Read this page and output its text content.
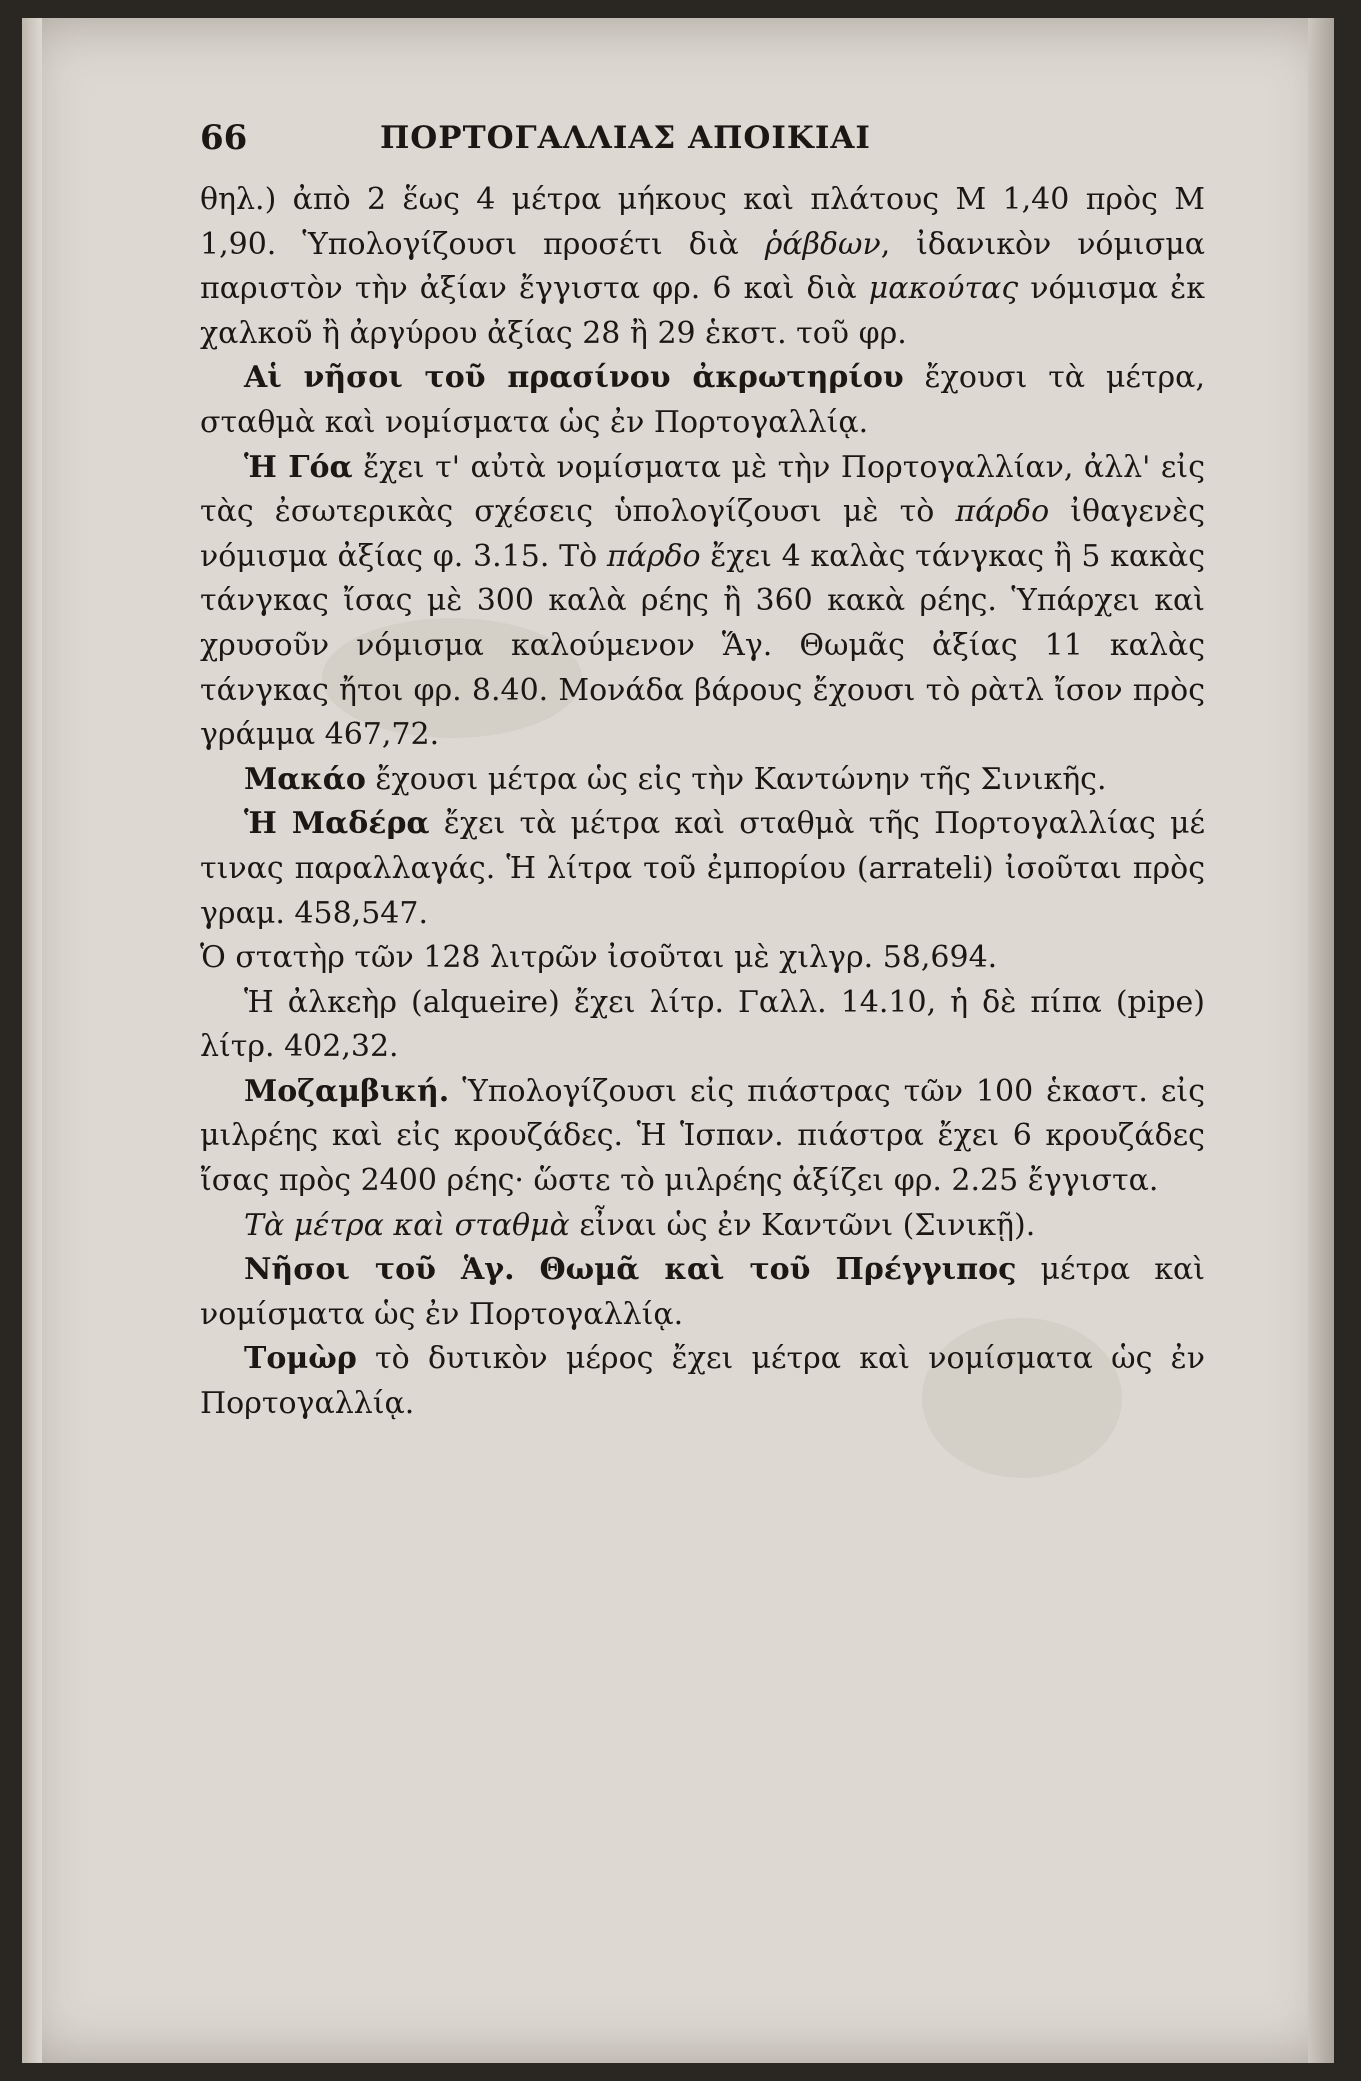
66	ΠΟΡΤΟΓΑΛΛΙΑΣ ΑΠΟΙΚΙΑΙ

θηλ.) ἀπὸ 2 ἕως 4 μέτρα μήκους καὶ πλάτους Μ 1,40 πρὸς Μ 1,90. Ὑπολογίζουσι προσέτι διὰ ῥάβδων, ἰδανικὸν νόμισμα παριστὸν τὴν ἀξίαν ἔγγιστα φρ. 6 καὶ διὰ μακούτας νόμισμα ἐκ χαλκοῦ ἢ ἀργύρου ἀξίας 28 ἢ 29 ἑκστ. τοῦ φρ.

Αἱ νῆσοι τοῦ πρασίνου ἀκρωτηρίου ἔχουσι τὰ μέτρα, σταθμὰ καὶ νομίσματα ὡς ἐν Πορτογαλλίᾳ.

Ἡ Γόα ἔχει τ' αὐτὰ νομίσματα μὲ τὴν Πορτογαλλίαν, ἀλλ' εἰς τὰς ἐσωτερικὰς σχέσεις ὑπολογίζουσι μὲ τὸ πάρδο ἰθαγενὲς νόμισμα ἀξίας φ. 3.15. Τὸ πάρδο ἔχει 4 καλὰς τάνγκας ἢ 5 κακὰς τάνγκας ἴσας μὲ 300 καλὰ ρέης ἢ 360 κακὰ ρέης. Ὑπάρχει καὶ χρυσοῦν νόμισμα καλούμενον Ἅγ. Θωμᾶς ἀξίας 11 καλὰς τάνγκας ἤτοι φρ. 8.40. Μονάδα βάρους ἔχουσι τὸ ρὰτλ ἴσον πρὸς γράμμα 467,72.

Μακάο ἔχουσι μέτρα ὡς εἰς τὴν Καντώνην τῆς Σινικῆς.

Ἡ Μαδέρα ἔχει τὰ μέτρα καὶ σταθμὰ τῆς Πορτογαλλίας μέ τινας παραλλαγάς. Ἡ λίτρα τοῦ ἐμπορίου (arrateli) ἰσοῦται πρὸς γραμ. 458,547.

Ὁ στατὴρ τῶν 128 λιτρῶν ἰσοῦται μὲ χιλγρ. 58,694.

Ἡ ἀλκεὴρ (alqueire) ἔχει λίτρ. Γαλλ. 14.10, ἡ δὲ πίπα (pipe) λίτρ. 402,32.

Μοζαμβική. Ὑπολογίζουσι εἰς πιάστρας τῶν 100 ἑκαστ. εἰς μιλρέης καὶ εἰς κρουζάδες. Ἡ Ἱσπαν. πιάστρα ἔχει 6 κρουζάδες ἴσας πρὸς 2400 ρέης· ὥστε τὸ μιλρέης ἀξίζει φρ. 2.25 ἔγγιστα.

Τὰ μέτρα καὶ σταθμὰ εἶναι ὡς ἐν Καντῶνι (Σινικῇ).

Νῆσοι τοῦ Ἁγ. Θωμᾶ καὶ τοῦ Πρέγγιπος μέτρα καὶ νομίσματα ὡς ἐν Πορτογαλλίᾳ.

Τομὼρ τὸ δυτικὸν μέρος ἔχει μέτρα καὶ νομίσματα ὡς ἐν Πορτογαλλίᾳ.
